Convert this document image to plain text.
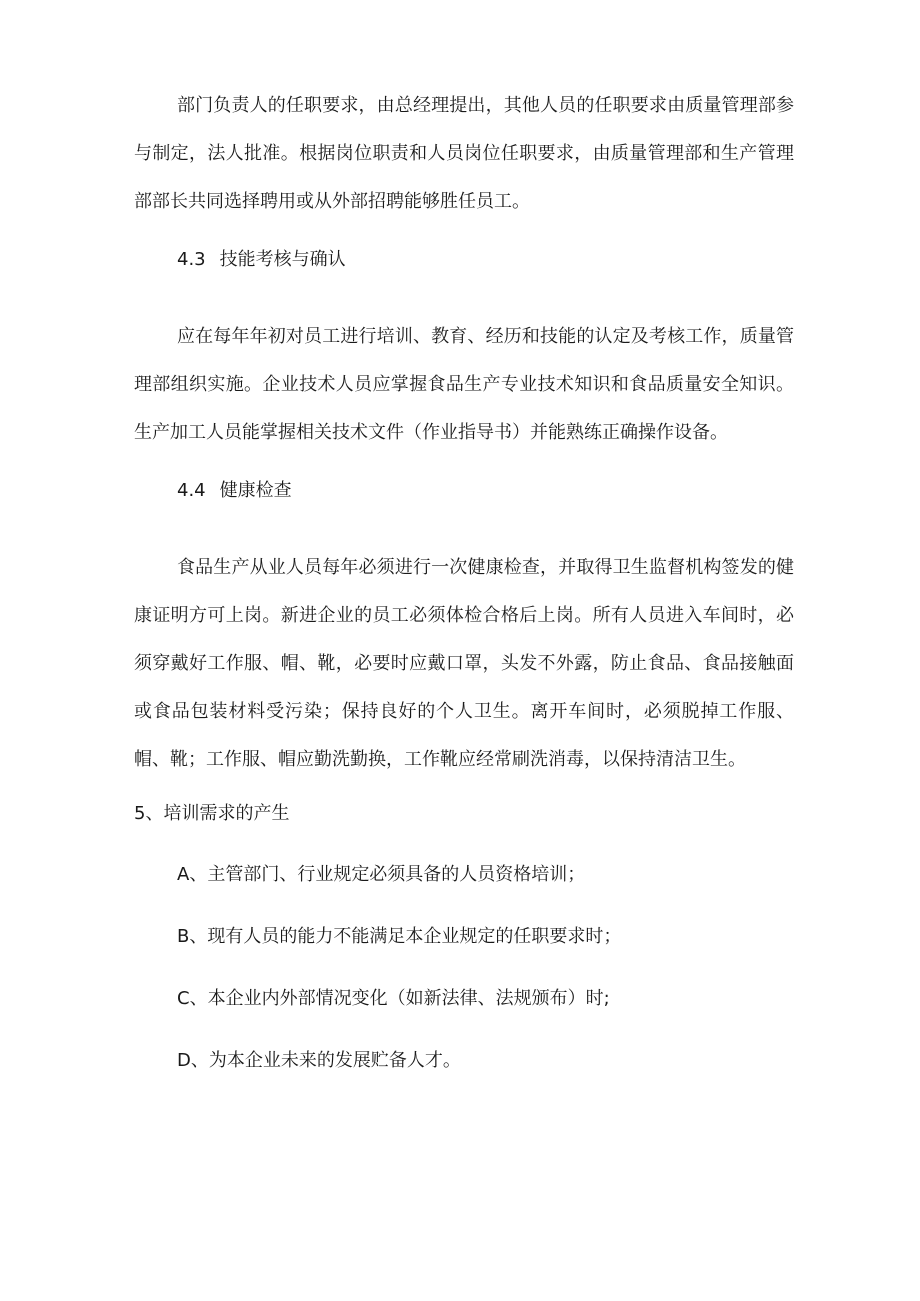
部门负责人的任职要求，由总经理提出，其他人员的任职要求由质量管理部参与制定，法人批准。根据岗位职责和人员岗位任职要求，由质量管理部和生产管理部部长共同选择聘用或从外部招聘能够胜任员工。

4.3 技能考核与确认

应在每年年初对员工进行培训、教育、经历和技能的认定及考核工作，质量管理部组织实施。企业技术人员应掌握食品生产专业技术知识和食品质量安全知识。生产加工人员能掌握相关技术文件（作业指导书）并能熟练正确操作设备。

4.4 健康检查

食品生产从业人员每年必须进行一次健康检查，并取得卫生监督机构签发的健康证明方可上岗。新进企业的员工必须体检合格后上岗。所有人员进入车间时，必须穿戴好工作服、帽、靴，必要时应戴口罩，头发不外露，防止食品、食品接触面或食品包装材料受污染；保持良好的个人卫生。离开车间时，必须脱掉工作服、帽、靴；工作服、帽应勤洗勤换，工作靴应经常刷洗消毒，以保持清洁卫生。

5、培训需求的产生
A、主管部门、行业规定必须具备的人员资格培训；
B、现有人员的能力不能满足本企业规定的任职要求时；
C、本企业内外部情况变化（如新法律、法规颁布）时;
D、为本企业未来的发展贮备人才。
